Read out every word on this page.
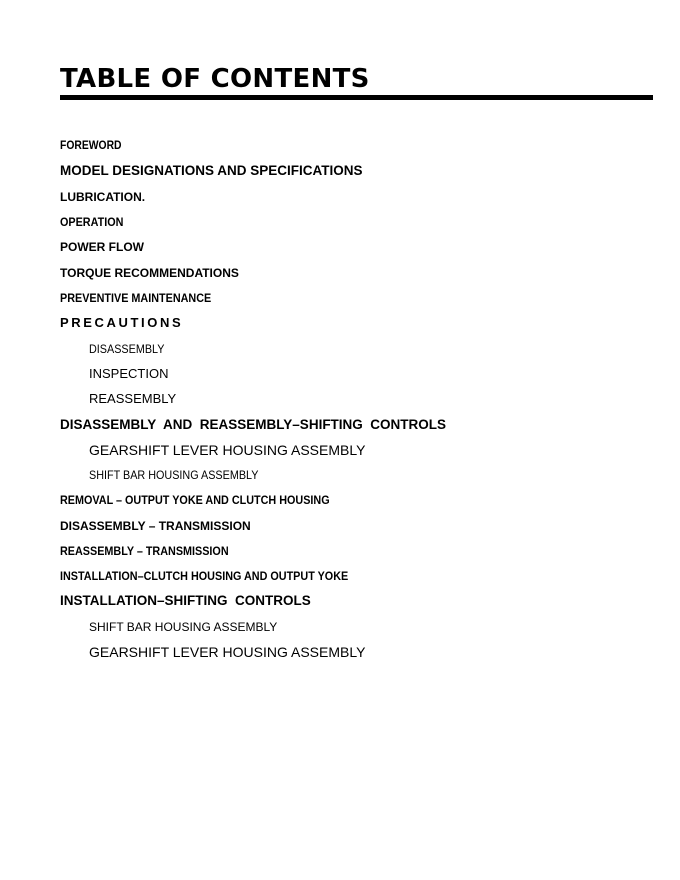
TABLE OF CONTENTS
FOREWORD
MODEL DESIGNATIONS AND SPECIFICATIONS
LUBRICATION.
OPERATION
POWER FLOW
TORQUE RECOMMENDATIONS
PREVENTIVE MAINTENANCE
PRECAUTIONS
DISASSEMBLY
INSPECTION
REASSEMBLY
DISASSEMBLY  AND  REASSEMBLY–SHIFTING  CONTROLS
GEARSHIFT LEVER HOUSING ASSEMBLY
SHIFT BAR HOUSING ASSEMBLY
REMOVAL – OUTPUT YOKE AND CLUTCH HOUSING
DISASSEMBLY – TRANSMISSION
REASSEMBLY – TRANSMISSION
INSTALLATION–CLUTCH HOUSING AND OUTPUT YOKE
INSTALLATION–SHIFTING  CONTROLS
SHIFT BAR HOUSING ASSEMBLY
GEARSHIFT LEVER HOUSING ASSEMBLY
